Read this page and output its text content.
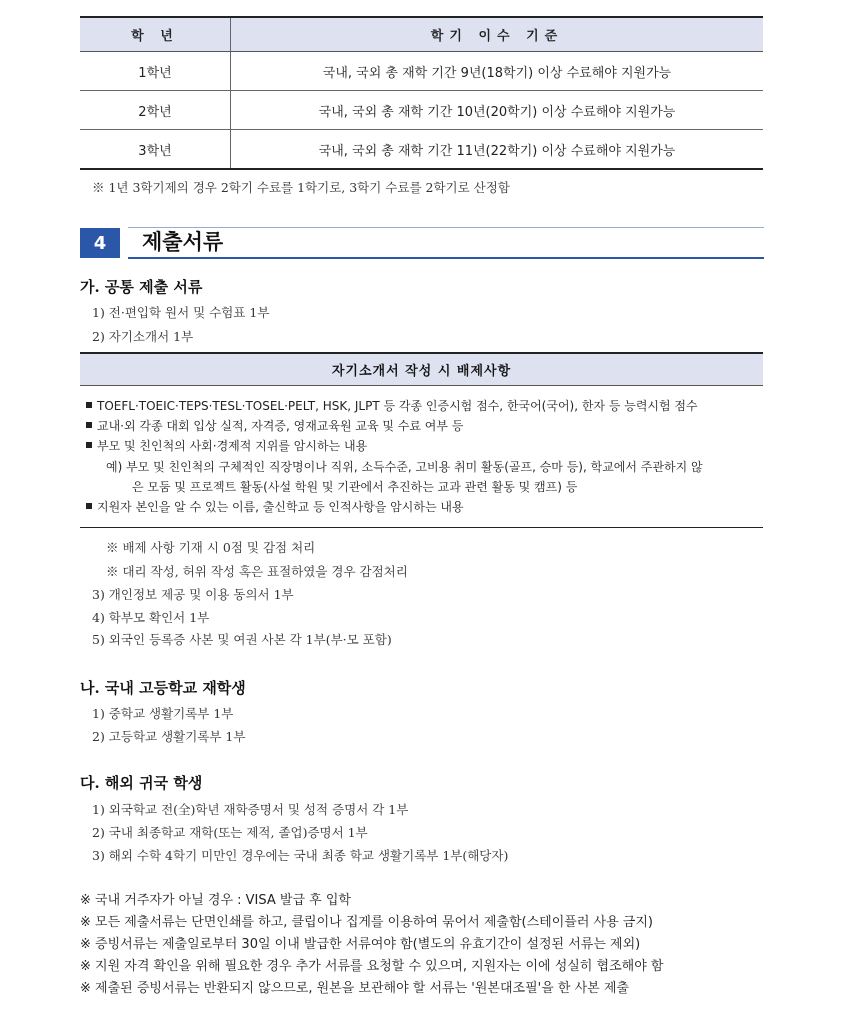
학 년	학기 이수 기준
1학년	국내, 국외 총 재학 기간 9년(18학기) 이상 수료해야 지원가능
2학년	국내, 국외 총 재학 기간 10년(20학기) 이상 수료해야 지원가능
3학년	국내, 국외 총 재학 기간 11년(22학기) 이상 수료해야 지원가능
※ 1년 3학기제의 경우 2학기 수료를 1학기로, 3학기 수료를 2학기로 산정함
4	제출서류
가. 공통 제출 서류
1) 전·편입학 원서 및 수험표 1부
2) 자기소개서 1부
자기소개서 작성 시 배제사항
TOEFL·TOEIC·TEPS·TESL·TOSEL·PELT, HSK, JLPT 등 각종 인증시험 점수, 한국어(국어), 한자 등 능력시험 점수
교내·외 각종 대회 입상 실적, 자격증, 영재교육원 교육 및 수료 여부 등
부모 및 친인척의 사회·경제적 지위를 암시하는 내용
예) 부모 및 친인척의 구체적인 직장명이나 직위, 소득수준, 고비용 취미 활동(골프, 승마 등), 학교에서 주관하지 않
은 모둠 및 프로젝트 활동(사설 학원 및 기관에서 추진하는 교과 관련 활동 및 캠프) 등
지원자 본인을 알 수 있는 이름, 출신학교 등 인적사항을 암시하는 내용
※ 배제 사항 기재 시 0점 및 감점 처리
※ 대리 작성, 허위 작성 혹은 표절하였을 경우 감점처리
3) 개인정보 제공 및 이용 동의서 1부
4) 학부모 확인서 1부
5) 외국인 등록증 사본 및 여권 사본 각 1부(부·모 포함)
나. 국내 고등학교 재학생
1) 중학교 생활기록부 1부
2) 고등학교 생활기록부 1부
다. 해외 귀국 학생
1) 외국학교 전(全)학년 재학증명서 및 성적 증명서 각 1부
2) 국내 최종학교 재학(또는 제적, 졸업)증명서 1부
3) 해외 수학 4학기 미만인 경우에는 국내 최종 학교 생활기록부 1부(해당자)
※ 국내 거주자가 아닐 경우 : VISA 발급 후 입학
※ 모든 제출서류는 단면인쇄를 하고, 클립이나 집게를 이용하여 묶어서 제출함(스테이플러 사용 금지)
※ 증빙서류는 제출일로부터 30일 이내 발급한 서류여야 함(별도의 유효기간이 설정된 서류는 제외)
※ 지원 자격 확인을 위해 필요한 경우 추가 서류를 요청할 수 있으며, 지원자는 이에 성실히 협조해야 함
※ 제출된 증빙서류는 반환되지 않으므로, 원본을 보관해야 할 서류는 '원본대조필'을 한 사본 제출
